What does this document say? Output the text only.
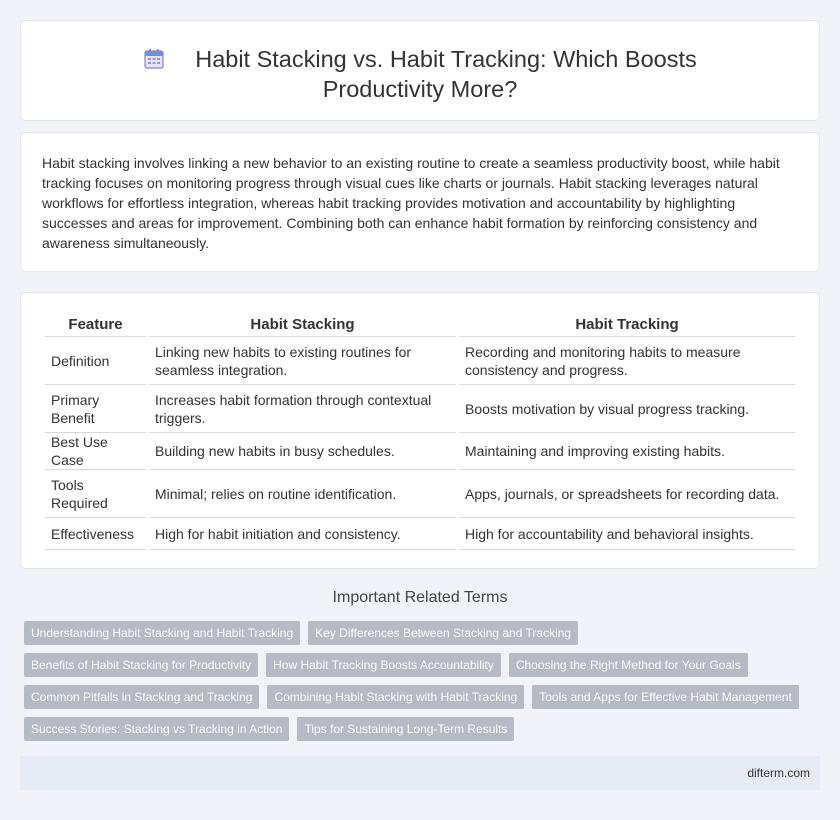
Habit Stacking vs. Habit Tracking: Which Boosts Productivity More?

Habit stacking involves linking a new behavior to an existing routine to create a seamless productivity boost, while habit tracking focuses on monitoring progress through visual cues like charts or journals. Habit stacking leverages natural workflows for effortless integration, whereas habit tracking provides motivation and accountability by highlighting successes and areas for improvement. Combining both can enhance habit formation by reinforcing consistency and awareness simultaneously.

Feature	Habit Stacking	Habit Tracking
Definition	Linking new habits to existing routines for seamless integration.	Recording and monitoring habits to measure consistency and progress.
Primary Benefit	Increases habit formation through contextual triggers.	Boosts motivation by visual progress tracking.
Best Use Case	Building new habits in busy schedules.	Maintaining and improving existing habits.
Tools Required	Minimal; relies on routine identification.	Apps, journals, or spreadsheets for recording data.
Effectiveness	High for habit initiation and consistency.	High for accountability and behavioral insights.
Important Related Terms
Understanding Habit Stacking and Habit Tracking	Key Differences Between Stacking and Tracking
Benefits of Habit Stacking for Productivity	How Habit Tracking Boosts Accountability	Choosing the Right Method for Your Goals
Common Pitfalls in Stacking and Tracking	Combining Habit Stacking with Habit Tracking	Tools and Apps for Effective Habit Management
Success Stories: Stacking vs Tracking in Action	Tips for Sustaining Long-Term Results
difterm.com
